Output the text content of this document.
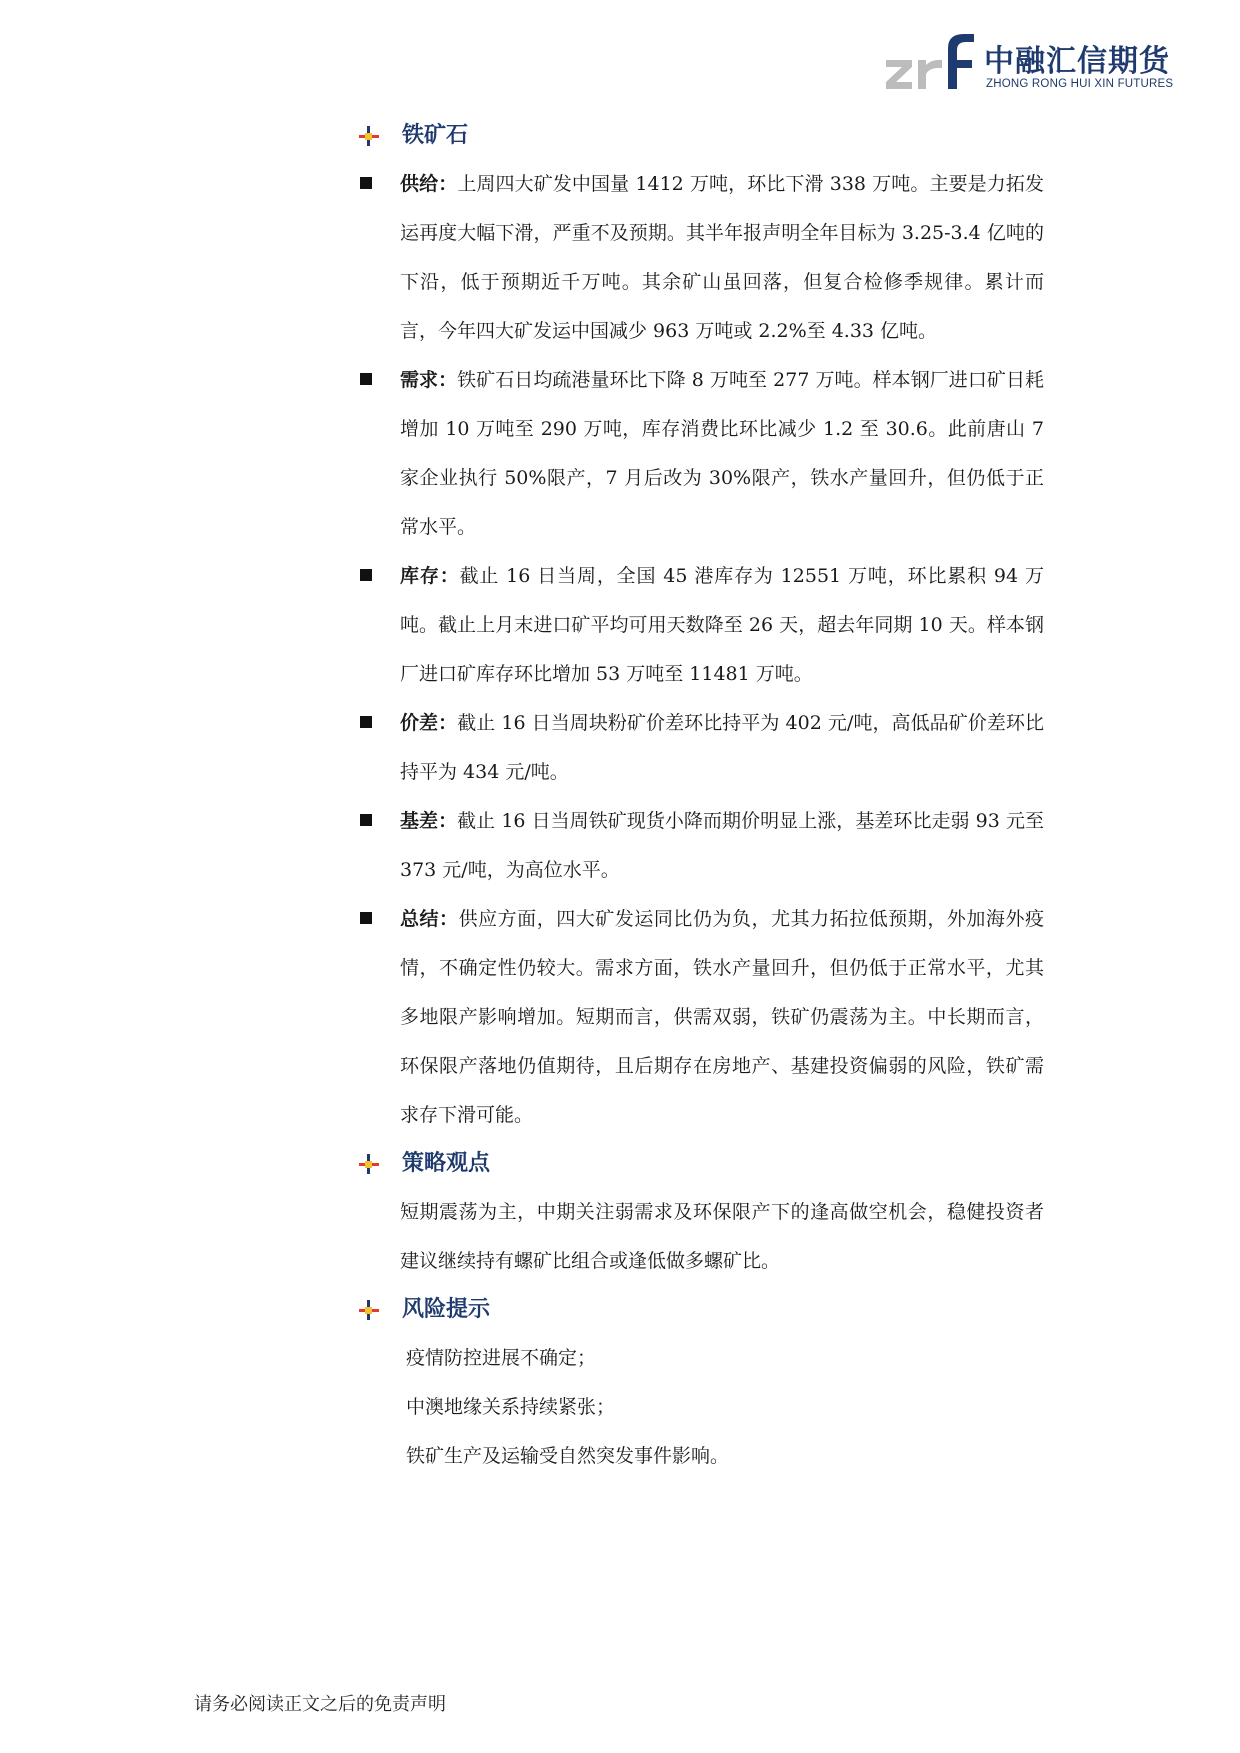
中融汇信期货
ZHONG RONG HUI XIN FUTURES
铁矿石

供给：上周四大矿发中国量 1412 万吨，环比下滑 338 万吨。主要是力拓发运再度大幅下滑，严重不及预期。其半年报声明全年目标为 3.25-3.4 亿吨的下沿，低于预期近千万吨。其余矿山虽回落，但复合检修季规律。累计而言，今年四大矿发运中国减少 963 万吨或 2.2%至 4.33 亿吨。

需求：铁矿石日均疏港量环比下降 8 万吨至 277 万吨。样本钢厂进口矿日耗增加 10 万吨至 290 万吨，库存消费比环比减少 1.2 至 30.6。此前唐山 7 家企业执行 50%限产，7 月后改为 30%限产，铁水产量回升，但仍低于正常水平。

库存：截止 16 日当周，全国 45 港库存为 12551 万吨，环比累积 94 万吨。截止上月末进口矿平均可用天数降至 26 天，超去年同期 10 天。样本钢厂进口矿库存环比增加 53 万吨至 11481 万吨。

价差：截止 16 日当周块粉矿价差环比持平为 402 元/吨，高低品矿价差环比持平为 434 元/吨。

基差：截止 16 日当周铁矿现货小降而期价明显上涨，基差环比走弱 93 元至 373 元/吨，为高位水平。

总结：供应方面，四大矿发运同比仍为负，尤其力拓拉低预期，外加海外疫情，不确定性仍较大。需求方面，铁水产量回升，但仍低于正常水平，尤其多地限产影响增加。短期而言，供需双弱，铁矿仍震荡为主。中长期而言，环保限产落地仍值期待，且后期存在房地产、基建投资偏弱的风险，铁矿需求存下滑可能。

策略观点

短期震荡为主，中期关注弱需求及环保限产下的逢高做空机会，稳健投资者建议继续持有螺矿比组合或逢低做多螺矿比。

风险提示

疫情防控进展不确定；

中澳地缘关系持续紧张；

铁矿生产及运输受自然突发事件影响。

请务必阅读正文之后的免责声明
